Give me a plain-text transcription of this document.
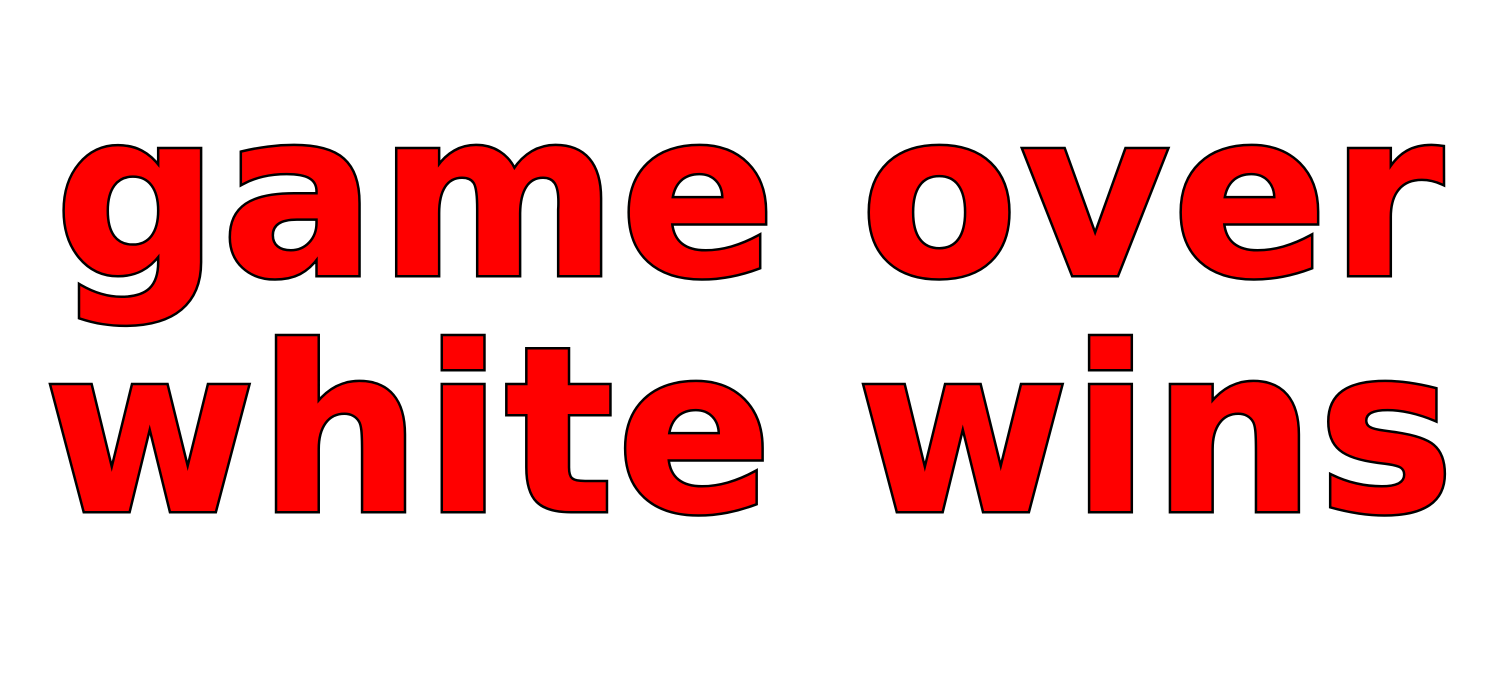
game over
white wins
